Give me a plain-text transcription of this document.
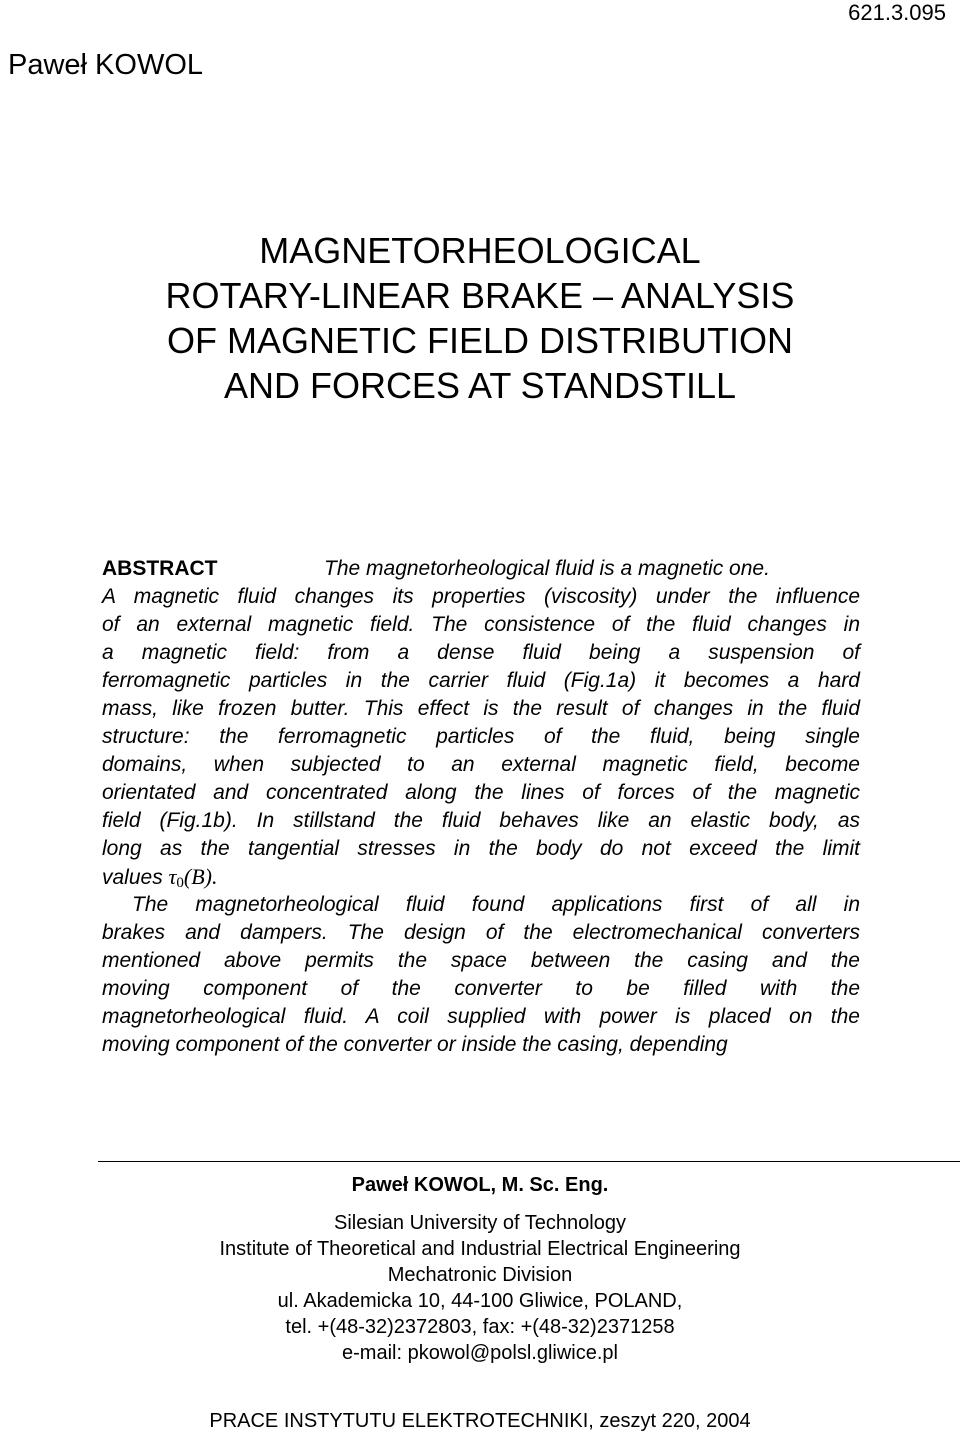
621.3.095
Paweł KOWOL
MAGNETORHEOLOGICAL
ROTARY-LINEAR BRAKE – ANALYSIS
OF MAGNETIC FIELD DISTRIBUTION
AND FORCES AT STANDSTILL
ABSTRACT	The magnetorheological fluid is a magnetic one.
A magnetic fluid changes its properties (viscosity) under the influence
of an external magnetic field. The consistence of the fluid changes in
a magnetic field: from a dense fluid being a suspension of
ferromagnetic particles in the carrier fluid (Fig.1a) it becomes a hard
mass, like frozen butter. This effect is the result of changes in the fluid
structure: the ferromagnetic particles of the fluid, being single
domains, when subjected to an external magnetic field, become
orientated and concentrated along the lines of forces of the magnetic
field (Fig.1b). In stillstand the fluid behaves like an elastic body, as
long as the tangential stresses in the body do not exceed the limit
values $\tau_0(B)$.
The magnetorheological fluid found applications first of all in
brakes and dampers. The design of the electromechanical converters
mentioned above permits the space between the casing and the
moving component of the converter to be filled with the
magnetorheological fluid. A coil supplied with power is placed on the
moving component of the converter or inside the casing, depending
Paweł KOWOL, M. Sc. Eng.
Silesian University of Technology
Institute of Theoretical and Industrial Electrical Engineering
Mechatronic Division
ul. Akademicka 10, 44-100 Gliwice, POLAND,
tel. +(48-32)2372803, fax: +(48-32)2371258
e-mail: pkowol@polsl.gliwice.pl
PRACE INSTYTUTU ELEKTROTECHNIKI, zeszyt 220, 2004
